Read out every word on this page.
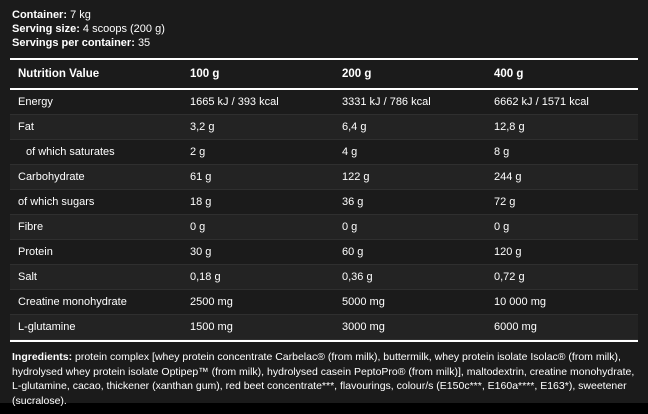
Container: 7 kg
Serving size: 4 scoops (200 g)
Servings per container: 35
Nutrition Value	100 g	200 g	400 g
Energy	1665 kJ / 393 kcal	3331 kJ / 786 kcal	6662 kJ / 1571 kcal
Fat	3,2 g	6,4 g	12,8 g
of which saturates	2 g	4 g	8 g
Carbohydrate	61 g	122 g	244 g
of which sugars	18 g	36 g	72 g
Fibre	0 g	0 g	0 g
Protein	30 g	60 g	120 g
Salt	0,18 g	0,36 g	0,72 g
Creatine monohydrate	2500 mg	5000 mg	10 000 mg
L-glutamine	1500 mg	3000 mg	6000 mg
Ingredients: protein complex [whey protein concentrate Carbelac® (from milk), buttermilk, whey protein isolate Isolac® (from milk), hydrolysed whey protein isolate Optipep™ (from milk), hydrolysed casein PeptoPro® (from milk)], maltodextrin, creatine monohydrate, L-glutamine, cacao, thickener (xanthan gum), red beet concentrate***, flavourings, colour/s (E150c***, E160a****, E163*), sweetener (sucralose).
